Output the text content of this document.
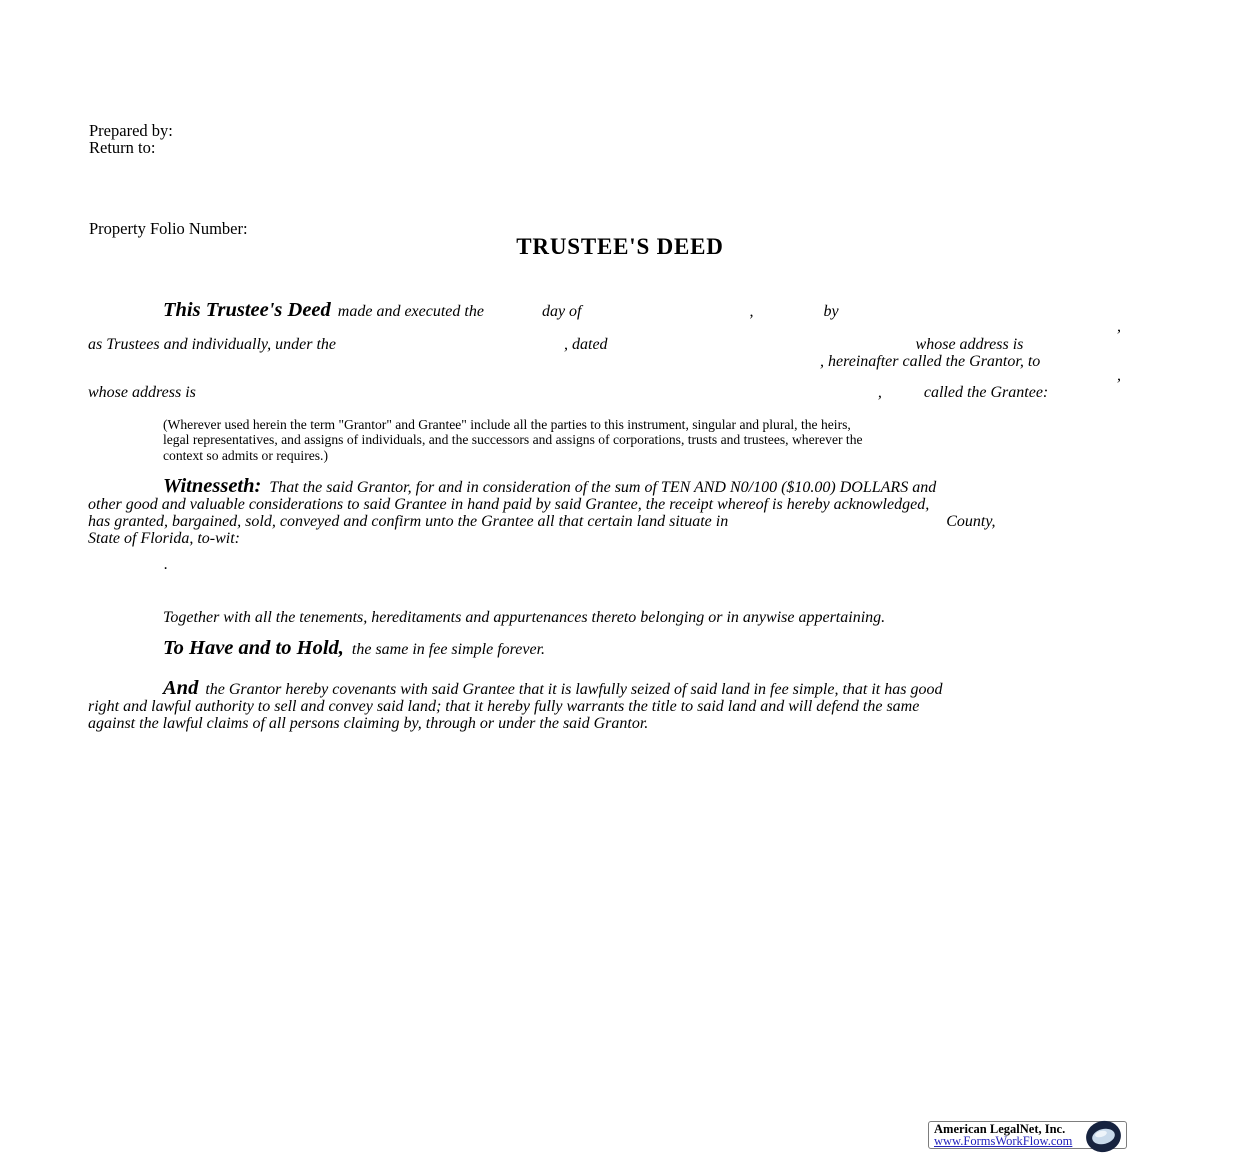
Prepared by:
Return to:
Property Folio Number:
TRUSTEE'S DEED
This Trustee's Deed made and executed the	day of	,	by
,
as Trustees and individually, under the	, dated	whose address is
, hereinafter called the Grantor, to
,
whose address is	,	called the Grantee:
(Wherever used herein the term "Grantor" and Grantee" include all the parties to this instrument, singular and plural, the heirs,
legal representatives, and assigns of individuals, and the successors and assigns of corporations, trusts and trustees, wherever the
context so admits or requires.)
Witnesseth: That the said Grantor, for and in consideration of the sum of TEN AND N0/100 ($10.00) DOLLARS and
other good and valuable considerations to said Grantee in hand paid by said Grantee, the receipt whereof is hereby acknowledged,
has granted, bargained, sold, conveyed and confirm unto the Grantee all that certain land situate in	County,
State of Florida, to-wit:
.
Together with all the tenements, hereditaments and appurtenances thereto belonging or in anywise appertaining.
To Have and to Hold, the same in fee simple forever.
And the Grantor hereby covenants with said Grantee that it is lawfully seized of said land in fee simple, that it has good
right and lawful authority to sell and convey said land; that it hereby fully warrants the title to said land and will defend the same
against the lawful claims of all persons claiming by, through or under the said Grantor.
American LegalNet, Inc.
www.FormsWorkFlow.com
